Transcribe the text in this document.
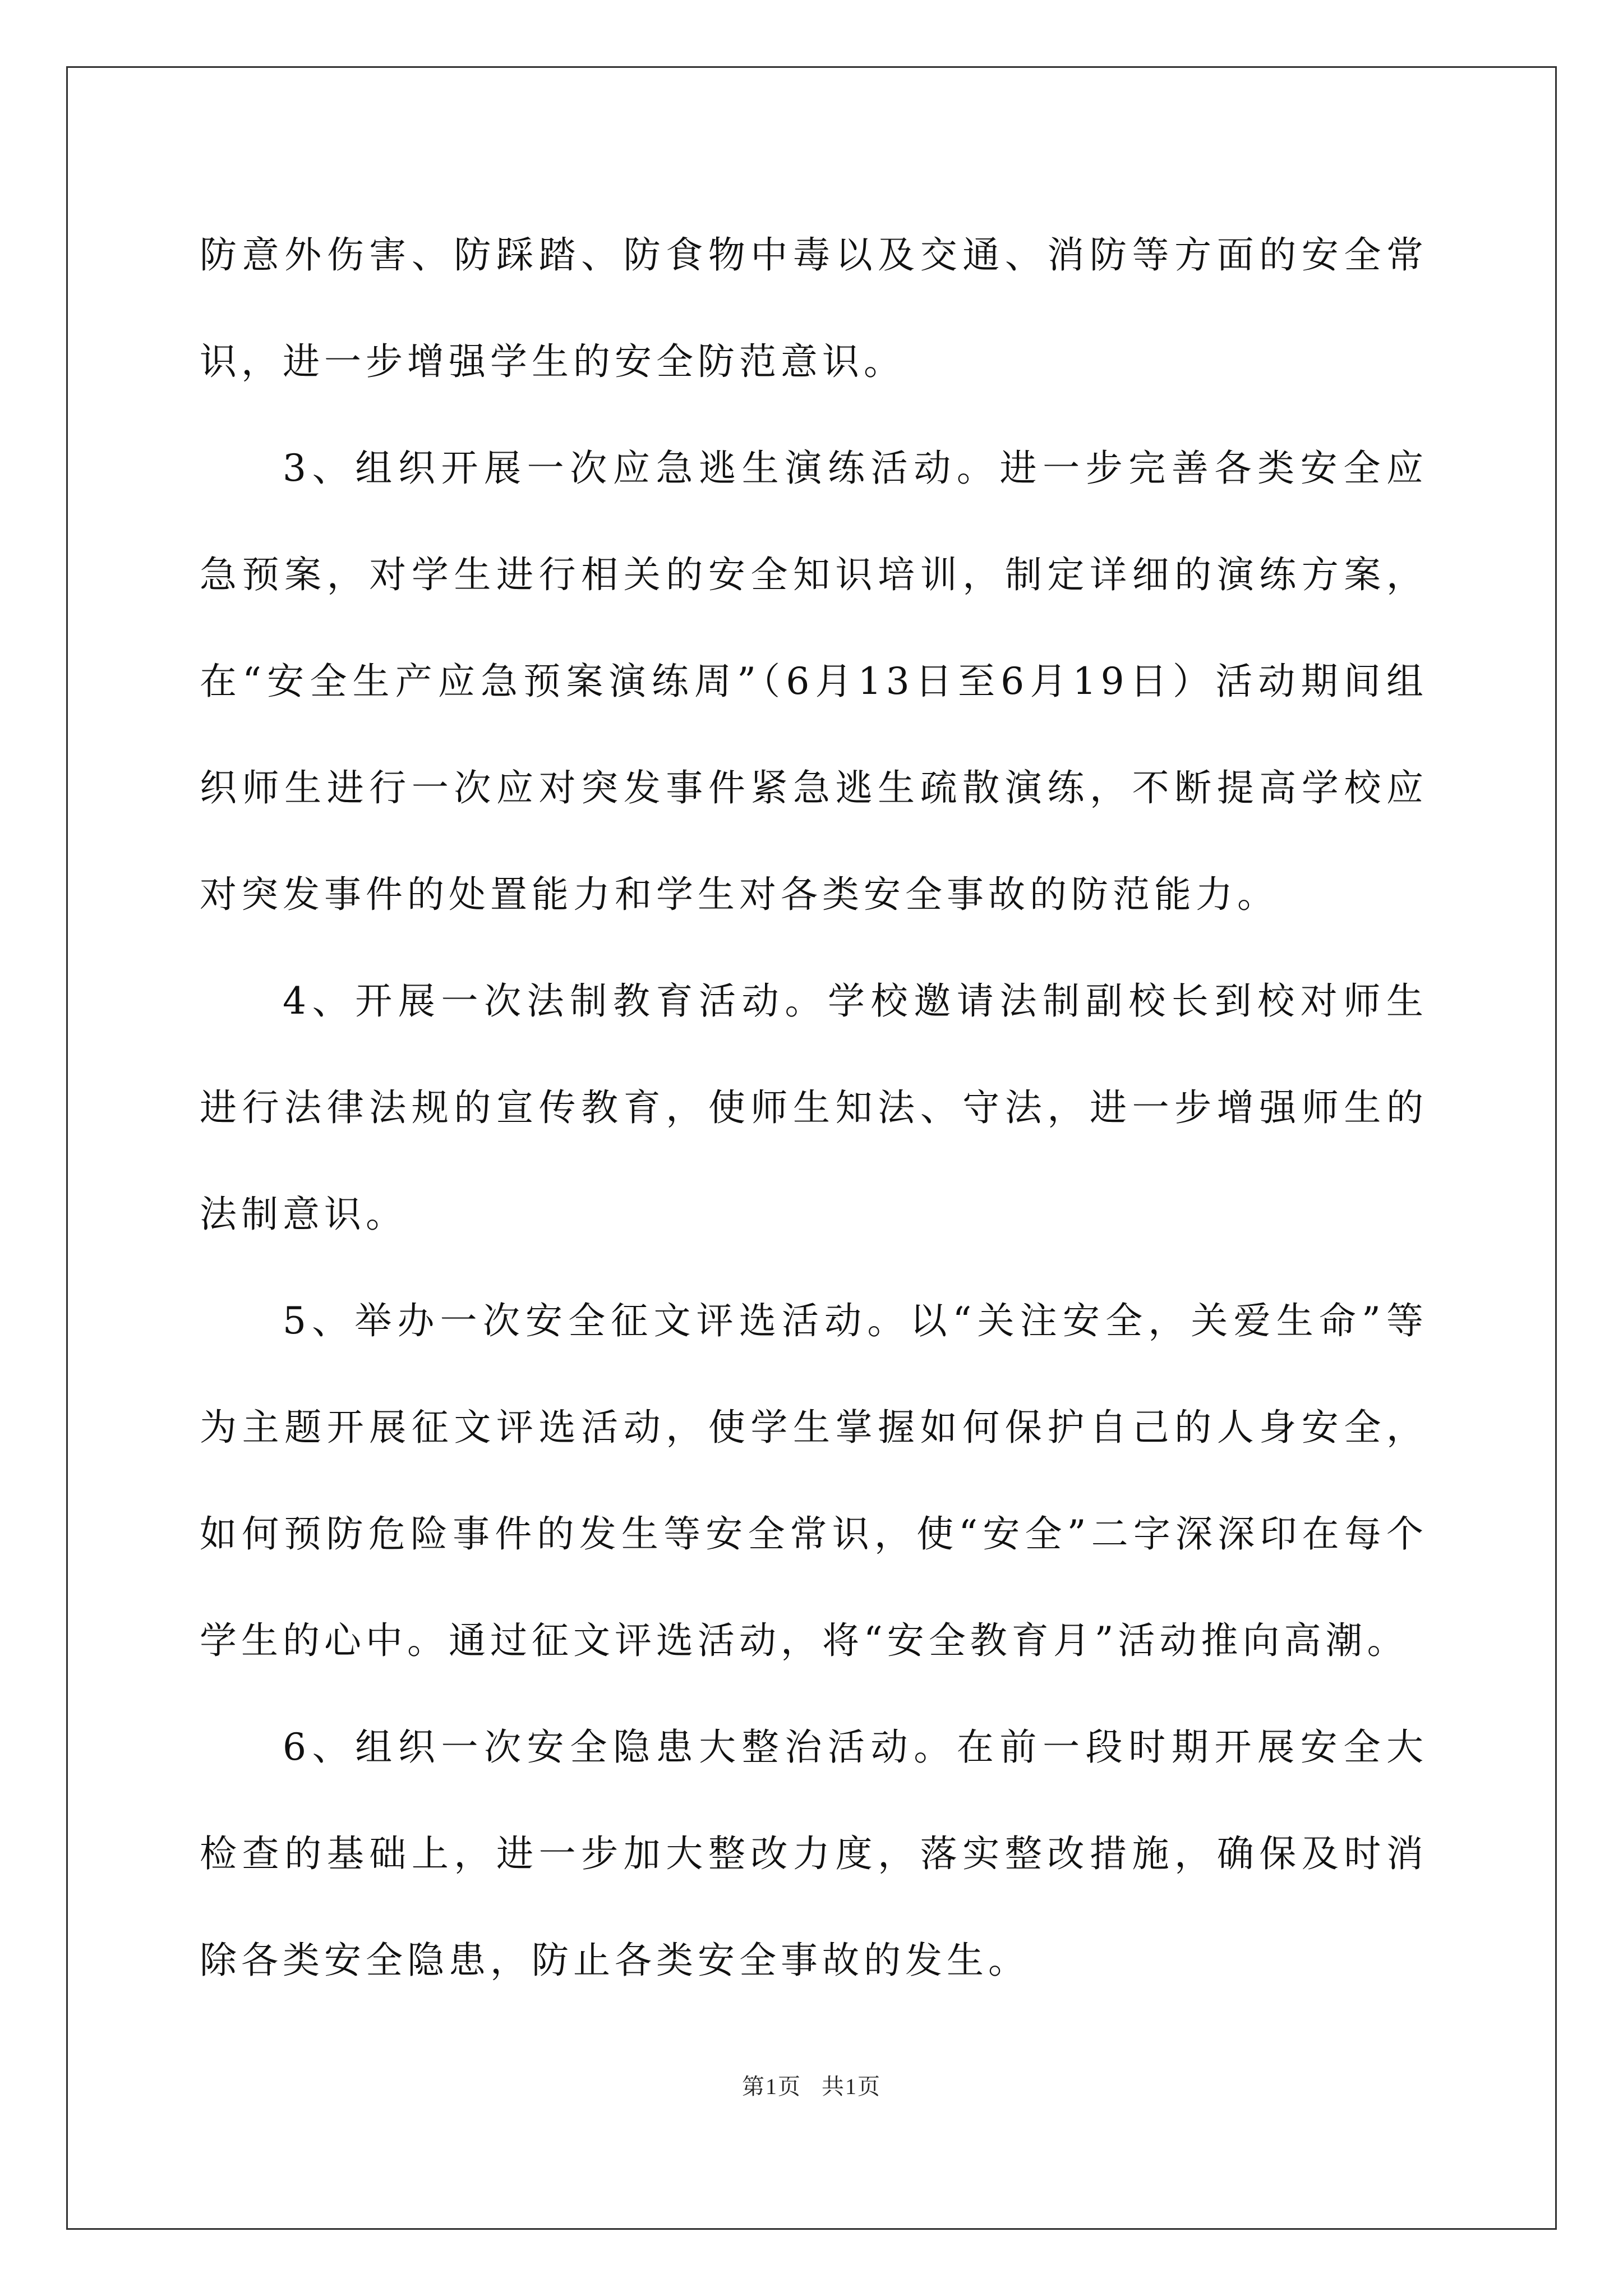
防意外伤害、防踩踏、防食物中毒以及交通、消防等方面的安全常识，进一步增强学生的安全防范意识。

3、组织开展一次应急逃生演练活动。进一步完善各类安全应急预案，对学生进行相关的安全知识培训，制定详细的演练方案，在“安全生产应急预案演练周”（6月13日至6月19日）活动期间组织师生进行一次应对突发事件紧急逃生疏散演练，不断提高学校应对突发事件的处置能力和学生对各类安全事故的防范能力。

4、开展一次法制教育活动。学校邀请法制副校长到校对师生进行法律法规的宣传教育，使师生知法、守法，进一步增强师生的法制意识。

5、举办一次安全征文评选活动。以“关注安全，关爱生命”等为主题开展征文评选活动，使学生掌握如何保护自己的人身安全，如何预防危险事件的发生等安全常识，使“安全”二字深深印在每个学生的心中。通过征文评选活动，将“安全教育月”活动推向高潮。

6、组织一次安全隐患大整治活动。在前一段时期开展安全大检查的基础上，进一步加大整改力度，落实整改措施，确保及时消除各类安全隐患，防止各类安全事故的发生。

第1页 共1页
